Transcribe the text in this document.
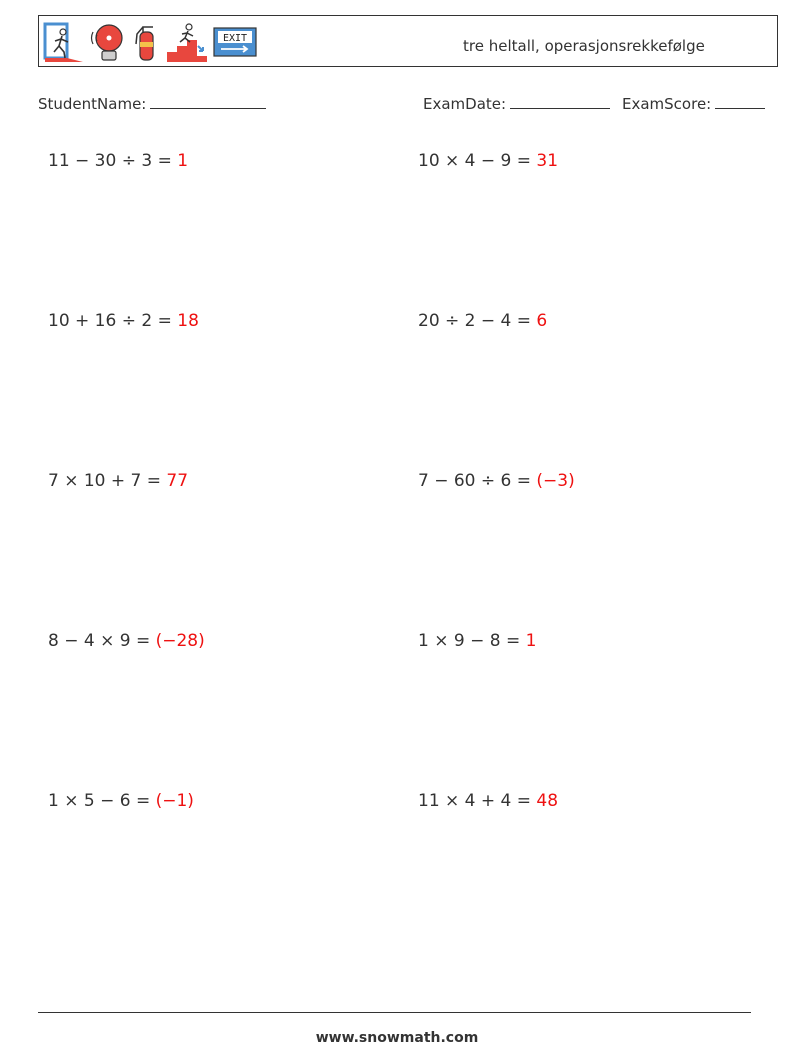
EXIT	tre heltall, operasjonsrekkefølge
StudentName:	ExamDate:	ExamScore:
11 − 30 ÷ 3 = 1	10 × 4 − 9 = 31
10 + 16 ÷ 2 = 18	20 ÷ 2 − 4 = 6
7 × 10 + 7 = 77	7 − 60 ÷ 6 = (−3)
8 − 4 × 9 = (−28)	1 × 9 − 8 = 1
1 × 5 − 6 = (−1)	11 × 4 + 4 = 48
www.snowmath.com
